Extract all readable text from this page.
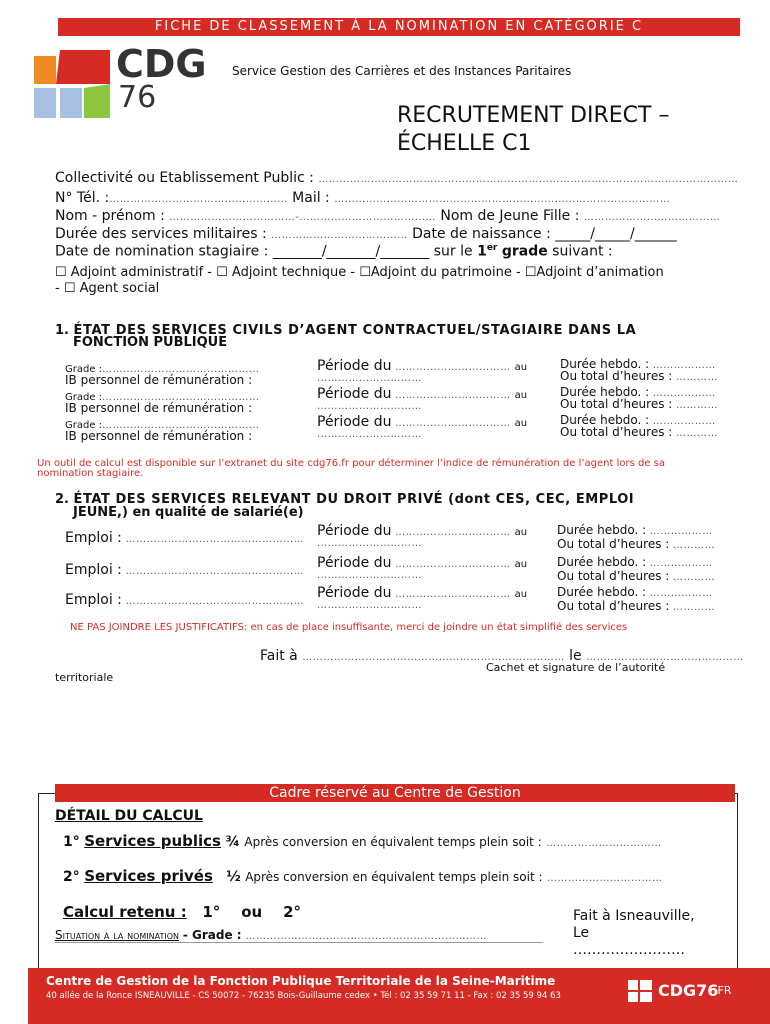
FICHE DE CLASSEMENT À LA NOMINATION EN CATÉGORIE C
CDG
76
Service Gestion des Carrières et des Instances Paritaires
RECRUTEMENT DIRECT –
ÉCHELLE C1
Collectivité ou Etablissement Public : …………………………………………………………………………………………………………
N° Tél. :…………………………………………… Mail : ……………………………………………………………………………………
Nom - prénom : ………………………………-………………………………… Nom de Jeune Fille : …………………………………
Durée des services militaires : ………………………………… Date de naissance : _____/_____/______
Date de nomination stagiaire : _______/_______/_______ sur le 1er grade suivant :
☐ Adjoint administratif - ☐ Adjoint technique - ☐Adjoint du patrimoine - ☐Adjoint d’animation
- ☐ Agent social
1. ÉTAT DES SERVICES CIVILS D’AGENT CONTRACTUEL/STAGIAIRE DANS LA
FONCTION PUBLIQUE
Grade :………………………………………
IB personnel de rémunération :
Période du …………………………… au
…………………………
Durée hebdo. : ………………
Ou total d’heures : …………
Grade :………………………………………
IB personnel de rémunération :
Période du …………………………… au
…………………………
Durée hebdo. : ………………
Ou total d’heures : …………
Grade :………………………………………
IB personnel de rémunération :
Période du …………………………… au
…………………………
Durée hebdo. : ………………
Ou total d’heures : …………
Un outil de calcul est disponible sur l’extranet du site cdg76.fr pour déterminer l’indice de rémunération de l’agent lors de sa
nomination stagiaire.
2. ÉTAT DES SERVICES RELEVANT DU DROIT PRIVÉ (dont CES, CEC, EMPLOI
JEUNE,) en qualité de salarié(e)
Emploi : ……………………………………………
Période du …………………………… au
…………………………
Durée hebdo. : ………………
Ou total d’heures : …………
Emploi : ……………………………………………
Période du …………………………… au
…………………………
Durée hebdo. : ………………
Ou total d’heures : …………
Emploi : ……………………………………………
Période du …………………………… au
…………………………
Durée hebdo. : ………………
Ou total d’heures : …………
NE PAS JOINDRE LES JUSTIFICATIFS: en cas de place insuffisante, merci de joindre un état simplifié des services
Fait à ………………………………………………………………… le ………………………………………
Cachet et signature de l’autorité
territoriale
Cadre réservé au Centre de Gestion
DÉTAIL DU CALCUL
1° Services publics ¾ Après conversion en équivalent temps plein soit : ……………………………
2° Services privés ½ Après conversion en équivalent temps plein soit : ……………………………
Calcul retenu : 1° ou 2°
Situation à la nomination - Grade : ……………………………………………………………
Fait à Isneauville,
Le
……………………
Centre de Gestion de la Fonction Publique Territoriale de la Seine-Maritime
40 allée de la Ronce ISNEAUVILLE - CS 50072 - 76235 Bois-Guillaume cedex • Tél : 02 35 59 71 11 - Fax : 02 35 59 94 63	CDG76
.FR
